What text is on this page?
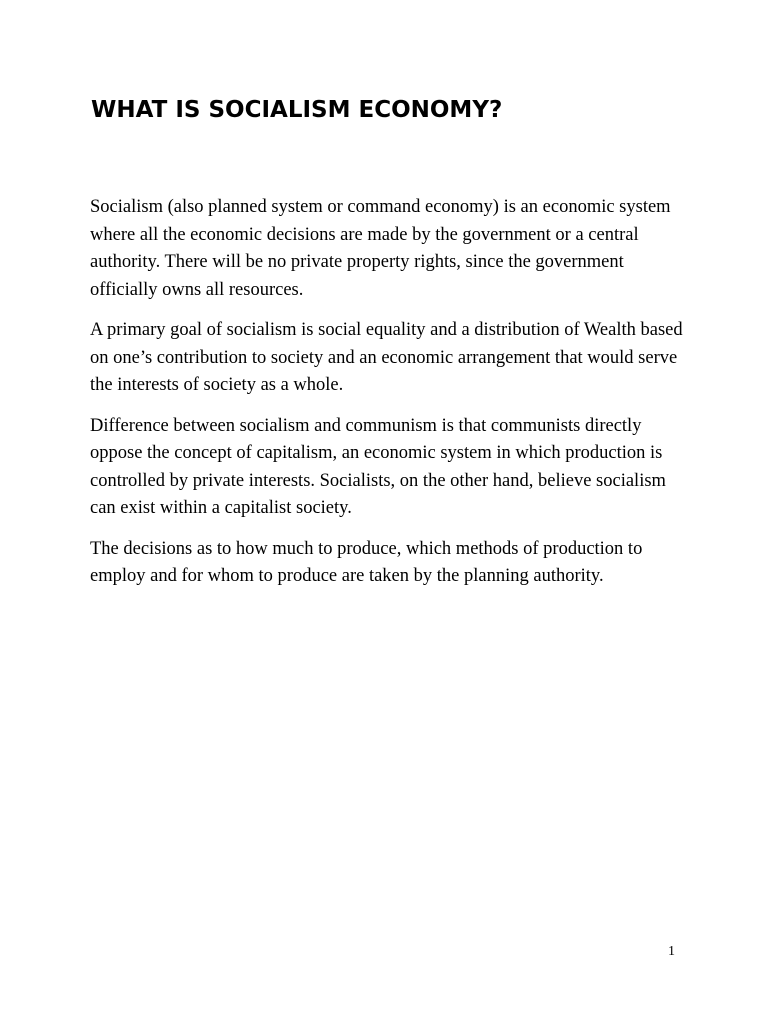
WHAT IS SOCIALISM ECONOMY?

Socialism (also planned system or command economy) is an economic system where all the economic decisions are made by the government or a central authority. There will be no private property rights, since the government officially owns all resources.

A primary goal of socialism is social equality and a distribution of Wealth based on one’s contribution to society and an economic arrangement that would serve the interests of society as a whole.

Difference between socialism and communism is that communists directly oppose the concept of capitalism, an economic system in which production is controlled by private interests. Socialists, on the other hand, believe socialism can exist within a capitalist society.

The decisions as to how much to produce, which methods of production to employ and for whom to produce are taken by the planning authority.

1
